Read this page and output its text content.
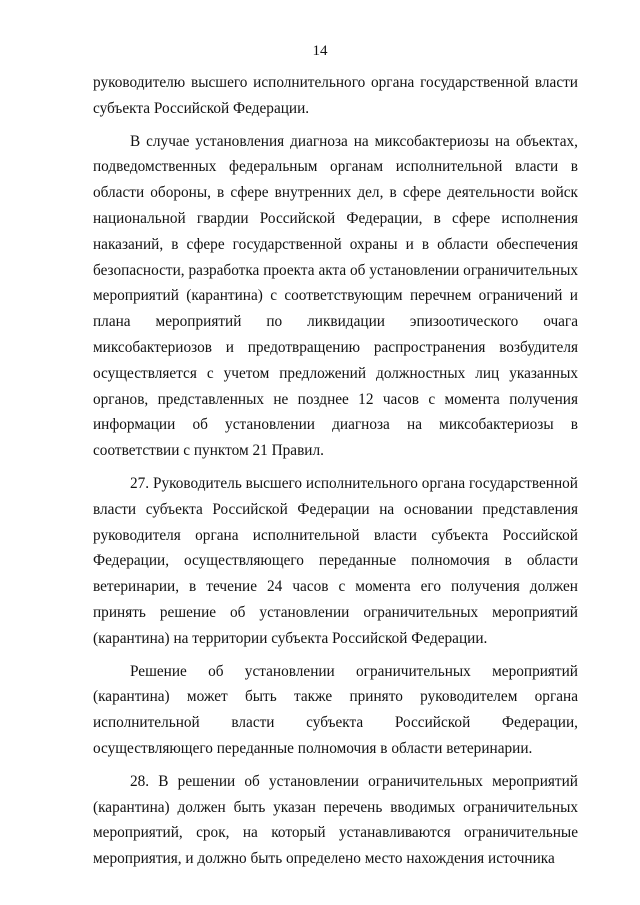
14

руководителю высшего исполнительного органа государственной власти субъекта Российской Федерации.

В случае установления диагноза на миксобактериозы на объектах, подведомственных федеральным органам исполнительной власти в области обороны, в сфере внутренних дел, в сфере деятельности войск национальной гвардии Российской Федерации, в сфере исполнения наказаний, в сфере государственной охраны и в области обеспечения безопасности, разработка проекта акта об установлении ограничительных мероприятий (карантина) с соответствующим перечнем ограничений и плана мероприятий по ликвидации эпизоотического очага миксобактериозов и предотвращению распространения возбудителя осуществляется с учетом предложений должностных лиц указанных органов, представленных не позднее 12 часов с момента получения информации об установлении диагноза на миксобактериозы в соответствии с пунктом 21 Правил.

27. Руководитель высшего исполнительного органа государственной власти субъекта Российской Федерации на основании представления руководителя органа исполнительной власти субъекта Российской Федерации, осуществляющего переданные полномочия в области ветеринарии, в течение 24 часов с момента его получения должен принять решение об установлении ограничительных мероприятий (карантина) на территории субъекта Российской Федерации.

Решение об установлении ограничительных мероприятий (карантина) может быть также принято руководителем органа исполнительной власти субъекта Российской Федерации, осуществляющего переданные полномочия в области ветеринарии.

28. В решении об установлении ограничительных мероприятий (карантина) должен быть указан перечень вводимых ограничительных мероприятий, срок, на который устанавливаются ограничительные мероприятия, и должно быть определено место нахождения источника
